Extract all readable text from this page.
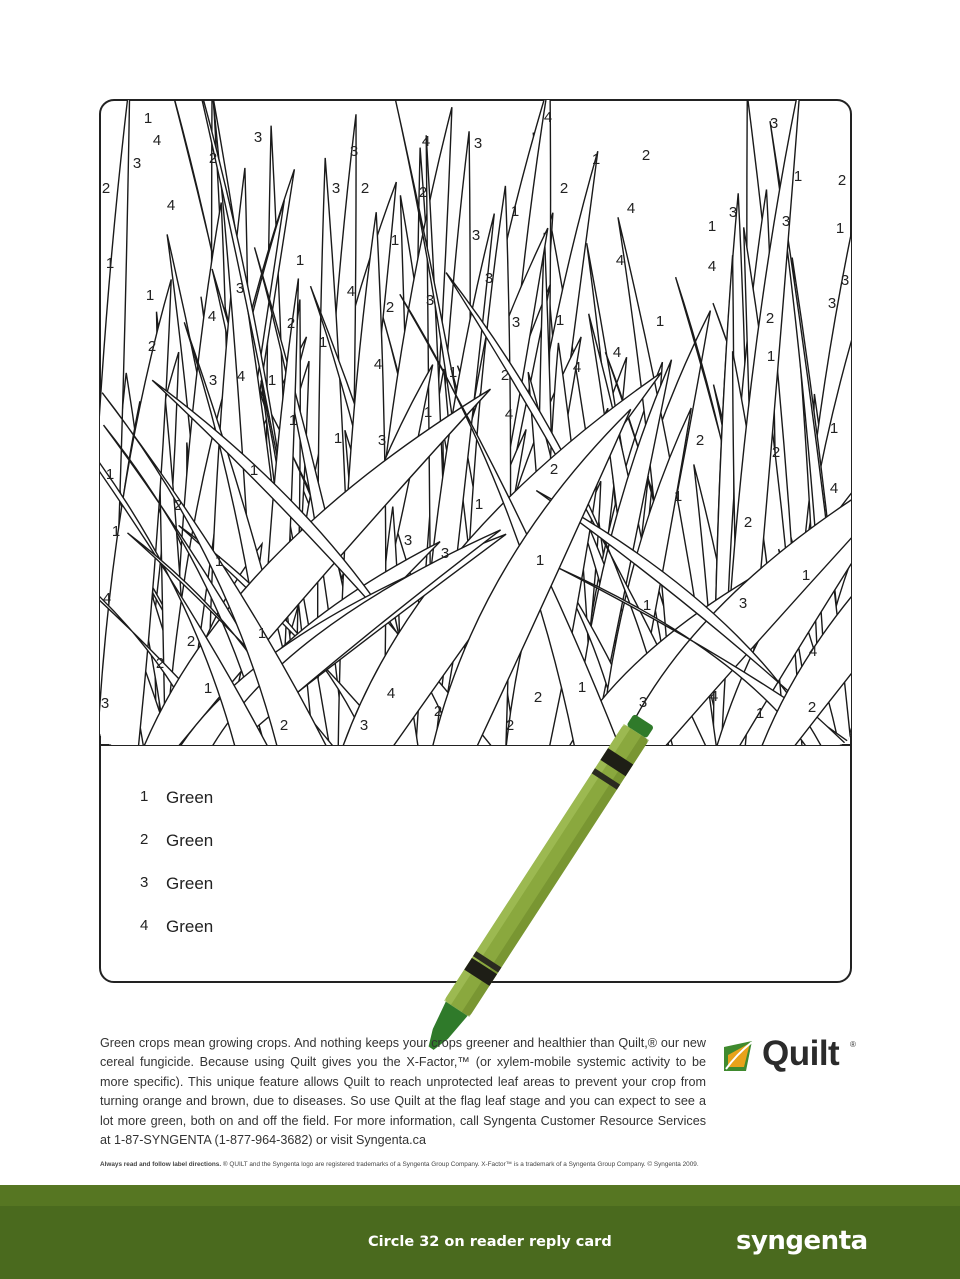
1
4
3
2
3
3
4	3
4	3
2
3 2	2
1	2
1 2
4
1	3
1
2
4	3
1	3	1
1
3
1
4	2
4
2
1
3
3	1
4
2
3
3
2
3 4 1
4	1	2	4
4	1
1
1 3
1	4
1
1	1
2	1
2
1
2
4
1
3
3
1
2
1
4
1
2
1	3
2
4
1	4	1
3	2
2	3	4
2	3	2
1	2
1
3
4
1
2
1
1 Green
2 Green
3 Green
4 Green
Green crops mean growing crops. And nothing keeps your crops greener and healthier than Quilt,® our new cereal fungicide. Because using Quilt gives you the X-Factor,™ (or xylem-mobile systemic activity to be more specific). This unique feature allows Quilt to reach unprotected leaf areas to prevent your crop from turning orange and brown, due to diseases. So use Quilt at the flag leaf stage and you can expect to see a lot more green, both on and off the field. For more information, call Syngenta Customer Resource Services at 1-87-SYNGENTA (1-877-964-3682) or visit Syngenta.ca
Always read and follow label directions. ® QUILT and the Syngenta logo are registered trademarks of a Syngenta Group Company. X-Factor™ is a trademark of a Syngenta Group Company. © Syngenta 2009.
Quilt ®
Circle 32 on reader reply card	syngenta
